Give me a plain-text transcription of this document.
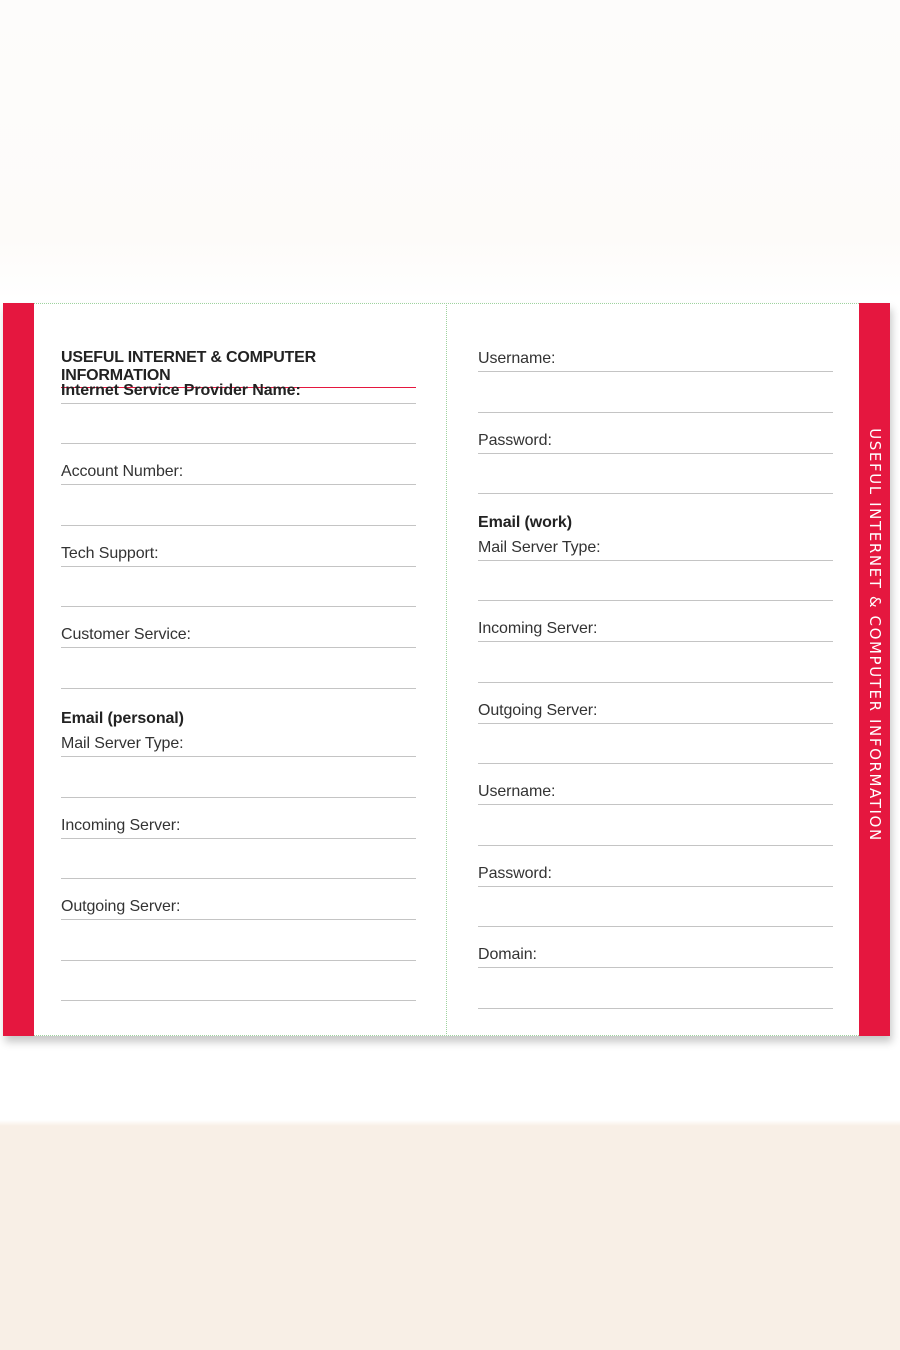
USEFUL INTERNET & COMPUTER INFORMATION
USEFUL INTERNET & COMPUTER INFORMATION
Internet Service Provider Name:
Account Number:
Tech Support:
Customer Service:
Email (personal)
Mail Server Type:
Incoming Server:
Outgoing Server:
Username:
Password:
Email (work)
Mail Server Type:
Incoming Server:
Outgoing Server:
Username:
Password:
Domain:
